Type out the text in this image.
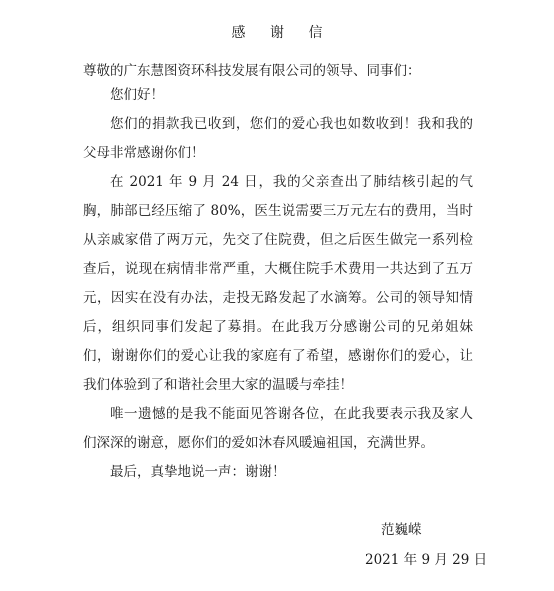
感 谢 信
尊敬的广东慧图资环科技发展有限公司的领导、同事们：

您们好！

您们的捐款我已收到，您们的爱心我也如数收到！我和我的父母非常感谢你们！

在 2021 年 9 月 24 日，我的父亲查出了肺结核引起的气胸，肺部已经压缩了 80%，医生说需要三万元左右的费用，当时从亲戚家借了两万元，先交了住院费，但之后医生做完一系列检查后，说现在病情非常严重，大概住院手术费用一共达到了五万元，因实在没有办法，走投无路发起了水滴筹。公司的领导知情后，组织同事们发起了募捐。在此我万分感谢公司的兄弟姐妹们，谢谢你们的爱心让我的家庭有了希望，感谢你们的爱心，让我们体验到了和谐社会里大家的温暖与牵挂！

唯一遗憾的是我不能面见答谢各位，在此我要表示我及家人们深深的谢意，愿你们的爱如沐春风暖遍祖国，充满世界。

最后，真挚地说一声：谢谢！

范巍嵘
2021 年 9 月 29 日
